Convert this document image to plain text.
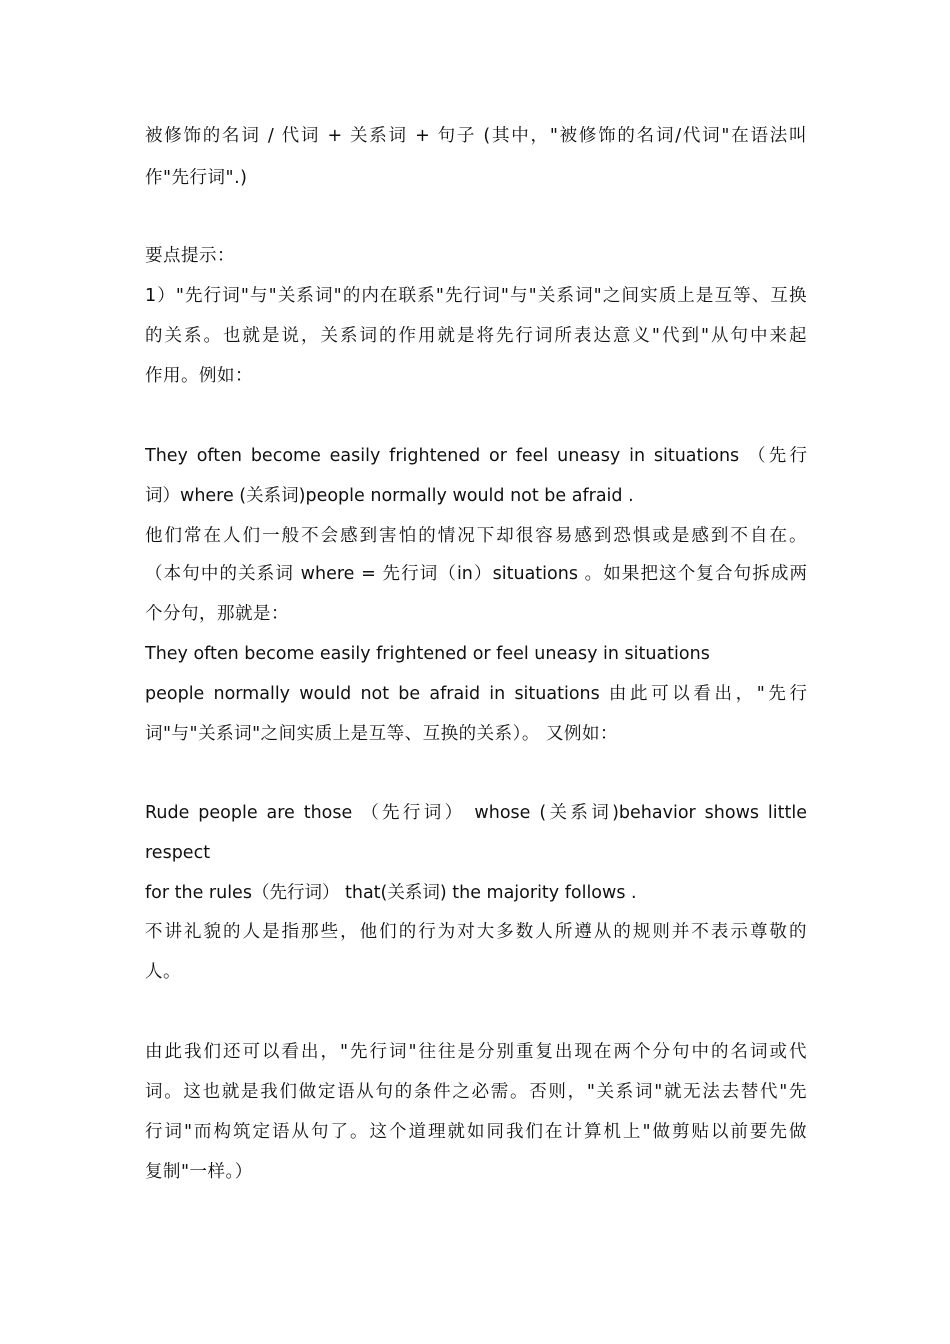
被修饰的名词 / 代词 + 关系词 + 句子 (其中，"被修饰的名词/代词"在语法叫
作"先行词".)
要点提示：
1）"先行词"与"关系词"的内在联系"先行词"与"关系词"之间实质上是互等、互换
的关系。也就是说，关系词的作用就是将先行词所表达意义"代到"从句中来起
作用。例如：
They often become easily frightened or feel uneasy in situations （先行
词）where (关系词)people normally would not be afraid .
他们常在人们一般不会感到害怕的情况下却很容易感到恐惧或是感到不自在。
（本句中的关系词 where = 先行词（in）situations 。如果把这个复合句拆成两
个分句，那就是：
They often become easily frightened or feel uneasy in situations
people normally would not be afraid in situations 由此可以看出，"先行
词"与"关系词"之间实质上是互等、互换的关系）。 又例如：
Rude people are those （先行词） whose (关系词)behavior shows little
respect
for the rules（先行词） that(关系词) the majority follows .
不讲礼貌的人是指那些，他们的行为对大多数人所遵从的规则并不表示尊敬的
人。
由此我们还可以看出，"先行词"往往是分别重复出现在两个分句中的名词或代
词。这也就是我们做定语从句的条件之必需。否则，"关系词"就无法去替代"先
行词"而构筑定语从句了。这个道理就如同我们在计算机上"做剪贴以前要先做
复制"一样。）
